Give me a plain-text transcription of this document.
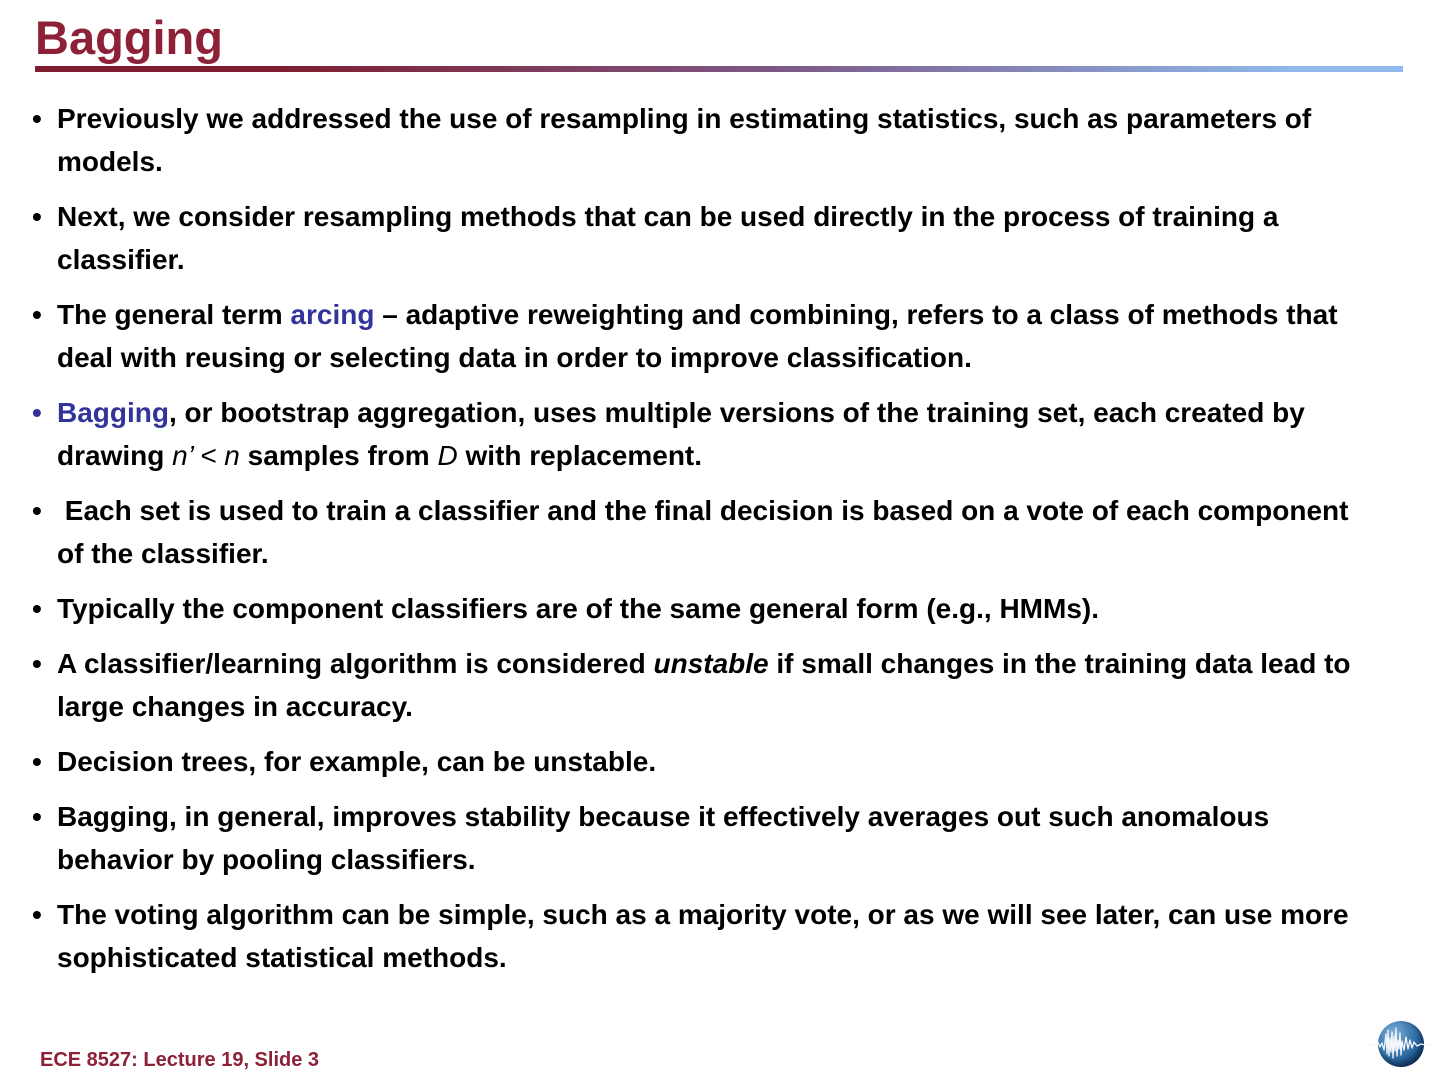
Bagging
• Previously we addressed the use of resampling in estimating statistics, such as parameters of models.
• Next, we consider resampling methods that can be used directly in the process of training a classifier.
• The general term arcing – adaptive reweighting and combining, refers to a class of methods that deal with reusing or selecting data in order to improve classification.
• Bagging, or bootstrap aggregation, uses multiple versions of the training set, each created by drawing n’ < n samples from D with replacement.
• Each set is used to train a classifier and the final decision is based on a vote of each component of the classifier.
• Typically the component classifiers are of the same general form (e.g., HMMs).
• A classifier/learning algorithm is considered unstable if small changes in the training data lead to large changes in accuracy.
• Decision trees, for example, can be unstable.
• Bagging, in general, improves stability because it effectively averages out such anomalous behavior by pooling classifiers.
• The voting algorithm can be simple, such as a majority vote, or as we will see later, can use more sophisticated statistical methods.
ECE 8527: Lecture 19, Slide 3
